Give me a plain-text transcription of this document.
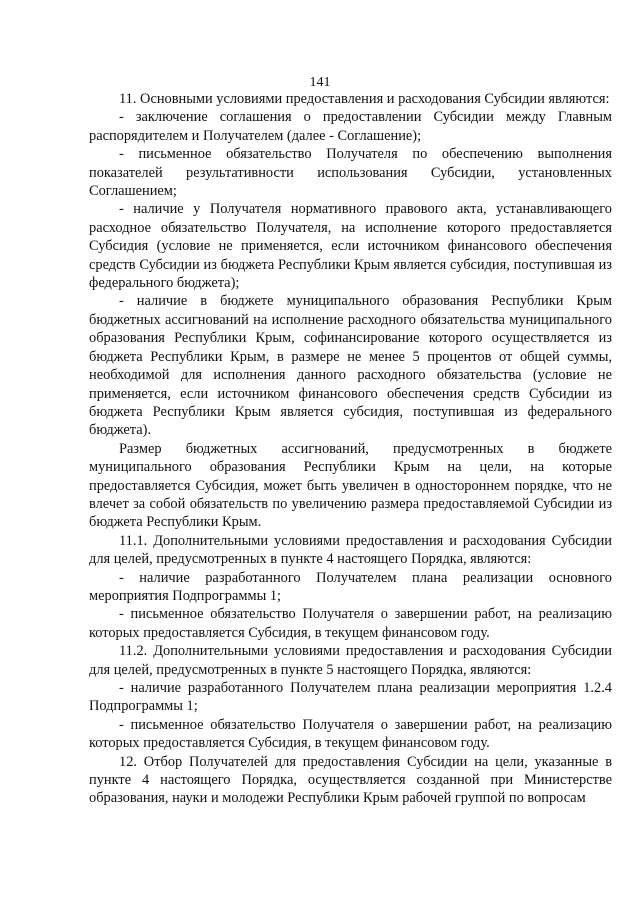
141

11. Основными условиями предоставления и расходования Субсидии являются:

- заключение соглашения о предоставлении Субсидии между Главным распорядителем и Получателем (далее - Соглашение);

- письменное обязательство Получателя по обеспечению выполнения показателей результативности использования Субсидии, установленных Соглашением;

- наличие у Получателя нормативного правового акта, устанавливающего расходное обязательство Получателя, на исполнение которого предоставляется Субсидия (условие не применяется, если источником финансового обеспечения средств Субсидии из бюджета Республики Крым является субсидия, поступившая из федерального бюджета);

- наличие в бюджете муниципального образования Республики Крым бюджетных ассигнований на исполнение расходного обязательства муниципального образования Республики Крым, софинансирование которого осуществляется из бюджета Республики Крым, в размере не менее 5 процентов от общей суммы, необходимой для исполнения данного расходного обязательства (условие не применяется, если источником финансового обеспечения средств Субсидии из бюджета Республики Крым является субсидия, поступившая из федерального бюджета).

Размер бюджетных ассигнований, предусмотренных в бюджете муниципального образования Республики Крым на цели, на которые предоставляется Субсидия, может быть увеличен в одностороннем порядке, что не влечет за собой обязательств по увеличению размера предоставляемой Субсидии из бюджета Республики Крым.

11.1. Дополнительными условиями предоставления и расходования Субсидии для целей, предусмотренных в пункте 4 настоящего Порядка, являются:

- наличие разработанного Получателем плана реализации основного мероприятия Подпрограммы 1;

- письменное обязательство Получателя о завершении работ, на реализацию которых предоставляется Субсидия, в текущем финансовом году.

11.2. Дополнительными условиями предоставления и расходования Субсидии для целей, предусмотренных в пункте 5 настоящего Порядка, являются:

- наличие разработанного Получателем плана реализации мероприятия 1.2.4 Подпрограммы 1;

- письменное обязательство Получателя о завершении работ, на реализацию которых предоставляется Субсидия, в текущем финансовом году.

12. Отбор Получателей для предоставления Субсидии на цели, указанные в пункте 4 настоящего Порядка, осуществляется созданной при Министерстве образования, науки и молодежи Республики Крым рабочей группой по вопросам
